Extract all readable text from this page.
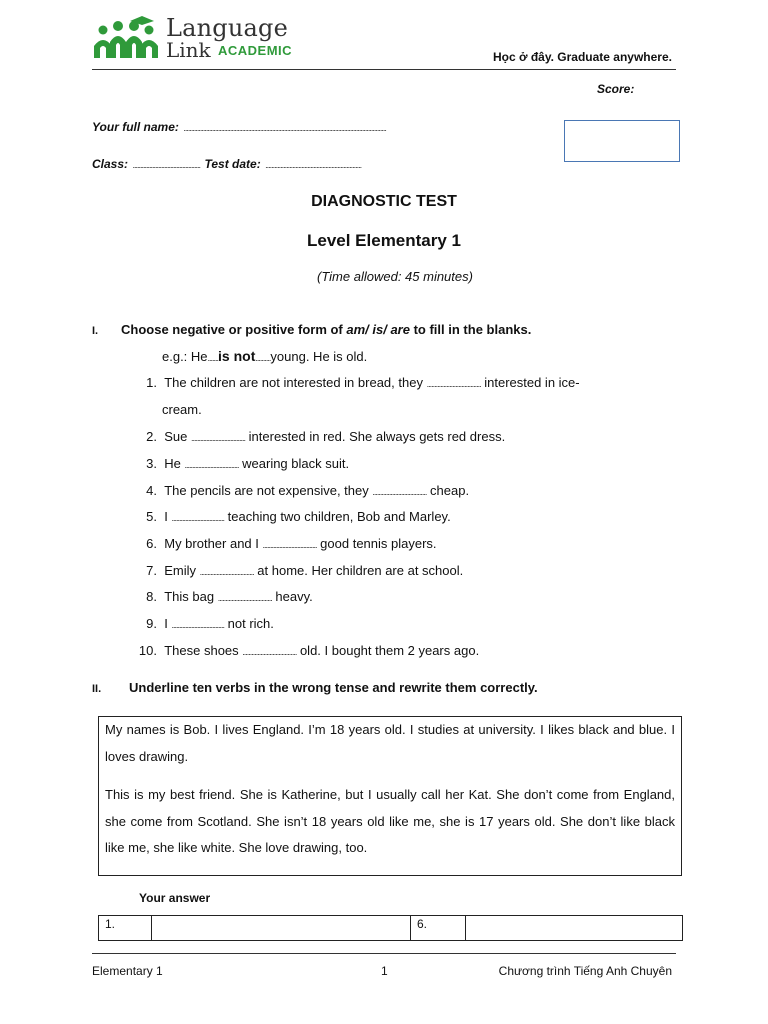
Language
Link ACADEMIC	Học ở đây. Graduate anywhere.
Score:
Your full name: .......................................................................................................................................
Class: ............................................. Test date: ................................................................
DIAGNOSTIC TEST
Level Elementary 1
(Time allowed: 45 minutes)
I. Choose negative or positive form of am/ is/ are to fill in the blanks.
e.g.: He.......is not..........young. He is old.
1. The children are not interested in bread, they .................................... interested in ice-
cream.
2. Sue .................................... interested in red. She always gets red dress.
3. He .................................... wearing black suit.
4. The pencils are not expensive, they .................................... cheap.
5. I ................................... teaching two children, Bob and Marley.
6. My brother and I .................................... good tennis players.
7. Emily .................................... at home. Her children are at school.
8. This bag .................................... heavy.
9. I ................................... not rich.
10. These shoes .................................... old. I bought them 2 years ago.
II. Underline ten verbs in the wrong tense and rewrite them correctly.

My names is Bob. I lives England. I’m 18 years old. I studies at university. I likes black and blue. I loves drawing.

This is my best friend. She is Katherine, but I usually call her Kat. She don’t come from England, she come from Scotland. She isn’t 18 years old like me, she is 17 years old. She don’t like black like me, she like white. She love drawing, too.

Your answer
1.	6.
Elementary 1	1	Chương trình Tiếng Anh Chuyên
